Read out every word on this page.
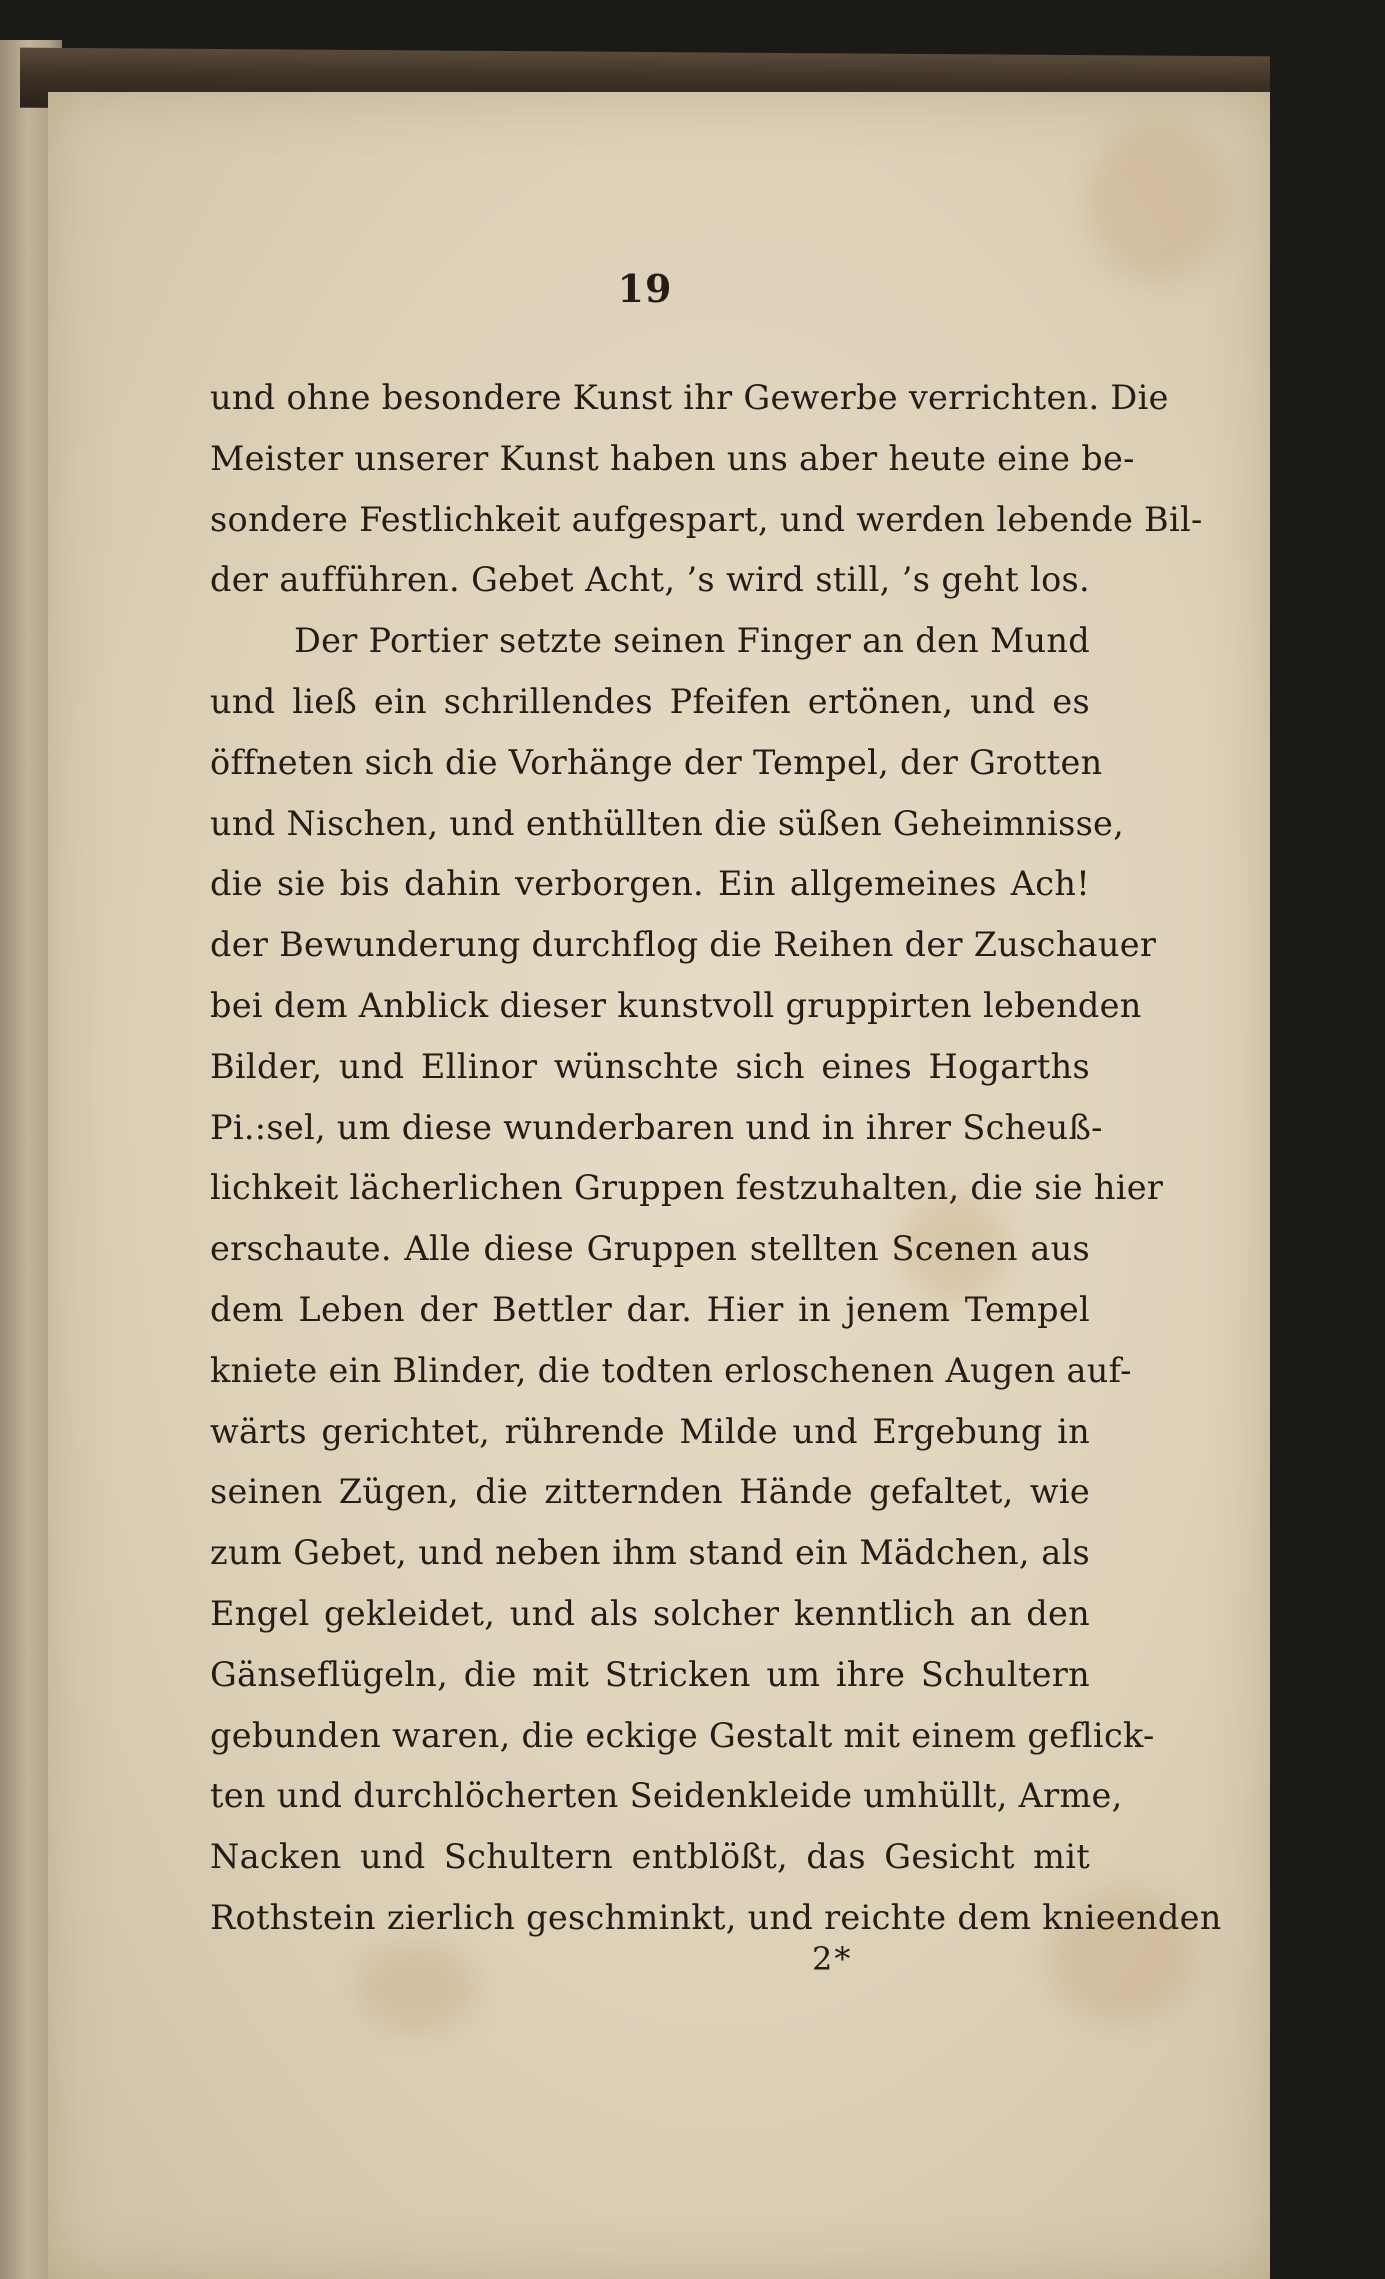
19
und ohne besondere Kunst ihr Gewerbe verrichten. Die
Meister unserer Kunst haben uns aber heute eine be-
sondere Festlichkeit aufgespart, und werden lebende Bil-
der aufführen. Gebet Acht, ’s wird still, ’s geht los.
Der Portier setzte seinen Finger an den Mund
und ließ ein schrillendes Pfeifen ertönen, und es
öffneten sich die Vorhänge der Tempel, der Grotten
und Nischen, und enthüllten die süßen Geheimnisse,
die sie bis dahin verborgen. Ein allgemeines Ach!
der Bewunderung durchflog die Reihen der Zuschauer
bei dem Anblick dieser kunstvoll gruppirten lebenden
Bilder, und Ellinor wünschte sich eines Hogarths
Pi.:sel, um diese wunderbaren und in ihrer Scheuß-
lichkeit lächerlichen Gruppen festzuhalten, die sie hier
erschaute. Alle diese Gruppen stellten Scenen aus
dem Leben der Bettler dar. Hier in jenem Tempel
kniete ein Blinder, die todten erloschenen Augen auf-
wärts gerichtet, rührende Milde und Ergebung in
seinen Zügen, die zitternden Hände gefaltet, wie
zum Gebet, und neben ihm stand ein Mädchen, als
Engel gekleidet, und als solcher kenntlich an den
Gänseflügeln, die mit Stricken um ihre Schultern
gebunden waren, die eckige Gestalt mit einem geflick-
ten und durchlöcherten Seidenkleide umhüllt, Arme,
Nacken und Schultern entblößt, das Gesicht mit
Rothstein zierlich geschminkt, und reichte dem knieenden
2*
